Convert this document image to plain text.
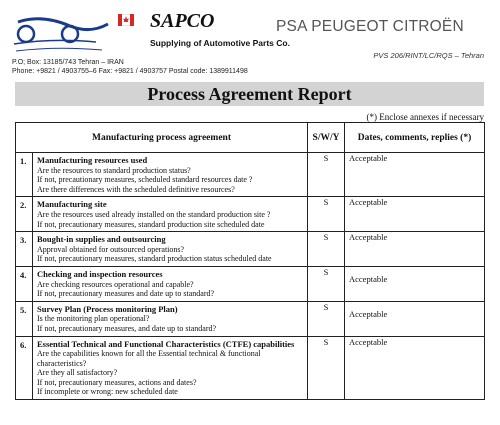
SAPCO
Supplying of Automotive Parts Co.
P.O; Box: 13185/743 Tehran – IRAN
Phone: +9821 / 4903755–6 Fax: +9821 / 4903757 Postal code: 1389911498
PSA PEUGEOT CITROËN
PVS 206/RINT/LC/RQS – Tehran
Process Agreement Report
(*) Enclose annexes if necessary
Manufacturing process agreement		S/W/Y	Dates, comments, replies (*)
1.	Manufacturing resources used
Are the resources to standard production status?
If not, precautionary measures, scheduled standard resources date ?
Are there differences with the scheduled definitive resources?	S	Acceptable
2.	Manufacturing site
Are the resources used already installed on the standard production site ?
If not, precautionary measures, standard production site scheduled date	S	Acceptable
3.	Bought-in supplies and outsourcing
Approval obtained for outsourced operations?
If not, precautionary measures, standard production status scheduled date	S	Acceptable
4.	Checking and inspection resources
Are checking resources operational and capable?
If not, precautionary measures and date up to standard?	S	Acceptable
5.	Survey Plan (Process monitoring Plan)
Is the monitoring plan operational?
If not, precautionary measures, and date up to standard?	S	Acceptable
6.	Essential Technical and Functional Characteristics (CTFE) capabilities
Are the capabilities known for all the Essential technical & functional characteristics?
Are they all satisfactory?
If not, precautionary measures, actions and dates?
If incomplete or wrong: new scheduled date	S	Acceptable
